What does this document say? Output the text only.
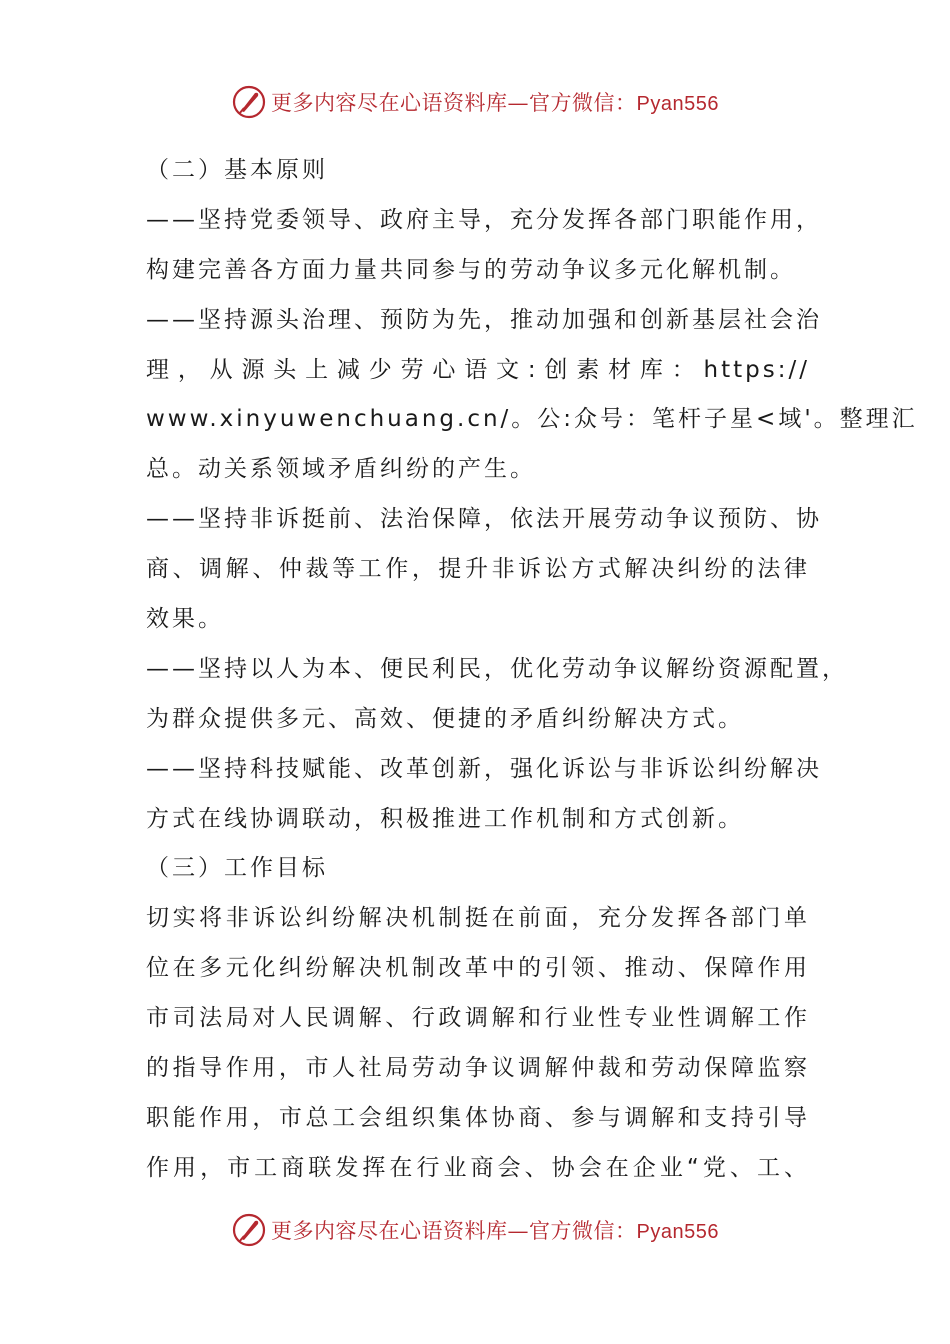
更多内容尽在心语资料库—官方微信：Pyan556
（二）基本原则
——坚持党委领导、政府主导，充分发挥各部门职能作用，
构建完善各方面力量共同参与的劳动争议多元化解机制。
——坚持源头治理、预防为先，推动加强和创新基层社会治
理，从源头上减少劳心语文:创素材库：https://
www.xinyuwenchuang.cn/。公:众号：笔杆子星<域'。整理汇
总。动关系领域矛盾纠纷的产生。
——坚持非诉挺前、法治保障，依法开展劳动争议预防、协
商、调解、仲裁等工作，提升非诉讼方式解决纠纷的法律
效果。
——坚持以人为本、便民利民，优化劳动争议解纷资源配置，
为群众提供多元、高效、便捷的矛盾纠纷解决方式。
——坚持科技赋能、改革创新，强化诉讼与非诉讼纠纷解决
方式在线协调联动，积极推进工作机制和方式创新。
（三）工作目标
切实将非诉讼纠纷解决机制挺在前面，充分发挥各部门单
位在多元化纠纷解决机制改革中的引领、推动、保障作用
市司法局对人民调解、行政调解和行业性专业性调解工作
的指导作用，市人社局劳动争议调解仲裁和劳动保障监察
职能作用，市总工会组织集体协商、参与调解和支持引导
作用，市工商联发挥在行业商会、协会在企业“党、工、
更多内容尽在心语资料库—官方微信：Pyan556
